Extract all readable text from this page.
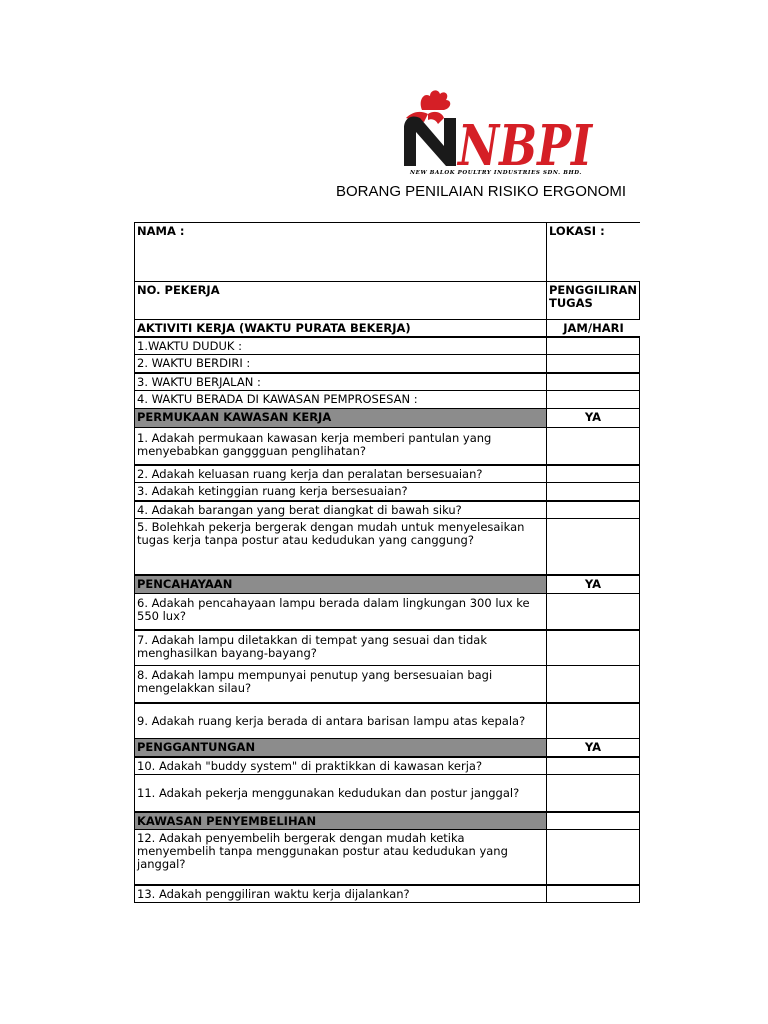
NBPI
NEW BALOK POULTRY INDUSTRIES SDN. BHD.
BORANG PENILAIAN RISIKO ERGONOMI
NAMA :	LOKASI :
NO. PEKERJA	PENGGILIRAN TUGAS
AKTIVITI KERJA (WAKTU PURATA BEKERJA)	JAM/HARI
1.WAKTU DUDUK :
2. WAKTU BERDIRI :
3. WAKTU BERJALAN :
4. WAKTU BERADA DI KAWASAN PEMPROSESAN :
PERMUKAAN KAWASAN KERJA	YA
1. Adakah permukaan kawasan kerja memberi pantulan yang menyebabkan ganggguan penglihatan?
2. Adakah keluasan ruang kerja dan peralatan bersesuaian?
3. Adakah ketinggian ruang kerja bersesuaian?
4. Adakah barangan yang berat diangkat di bawah siku?
5. Bolehkah pekerja bergerak dengan mudah untuk menyelesaikan tugas kerja tanpa postur atau kedudukan yang canggung?
PENCAHAYAAN	YA
6. Adakah pencahayaan lampu berada dalam lingkungan 300 lux ke 550 lux?
7. Adakah lampu diletakkan di tempat yang sesuai dan tidak menghasilkan bayang-bayang?
8. Adakah lampu mempunyai penutup yang bersesuaian bagi mengelakkan silau?
9. Adakah ruang kerja berada di antara barisan lampu atas kepala?
PENGGANTUNGAN	YA
10. Adakah "buddy system" di praktikkan di kawasan kerja?
11. Adakah pekerja menggunakan kedudukan dan postur janggal?
KAWASAN PENYEMBELIHAN
12. Adakah penyembelih bergerak dengan mudah ketika menyembelih tanpa menggunakan postur atau kedudukan yang janggal?
13. Adakah penggiliran waktu kerja dijalankan?
